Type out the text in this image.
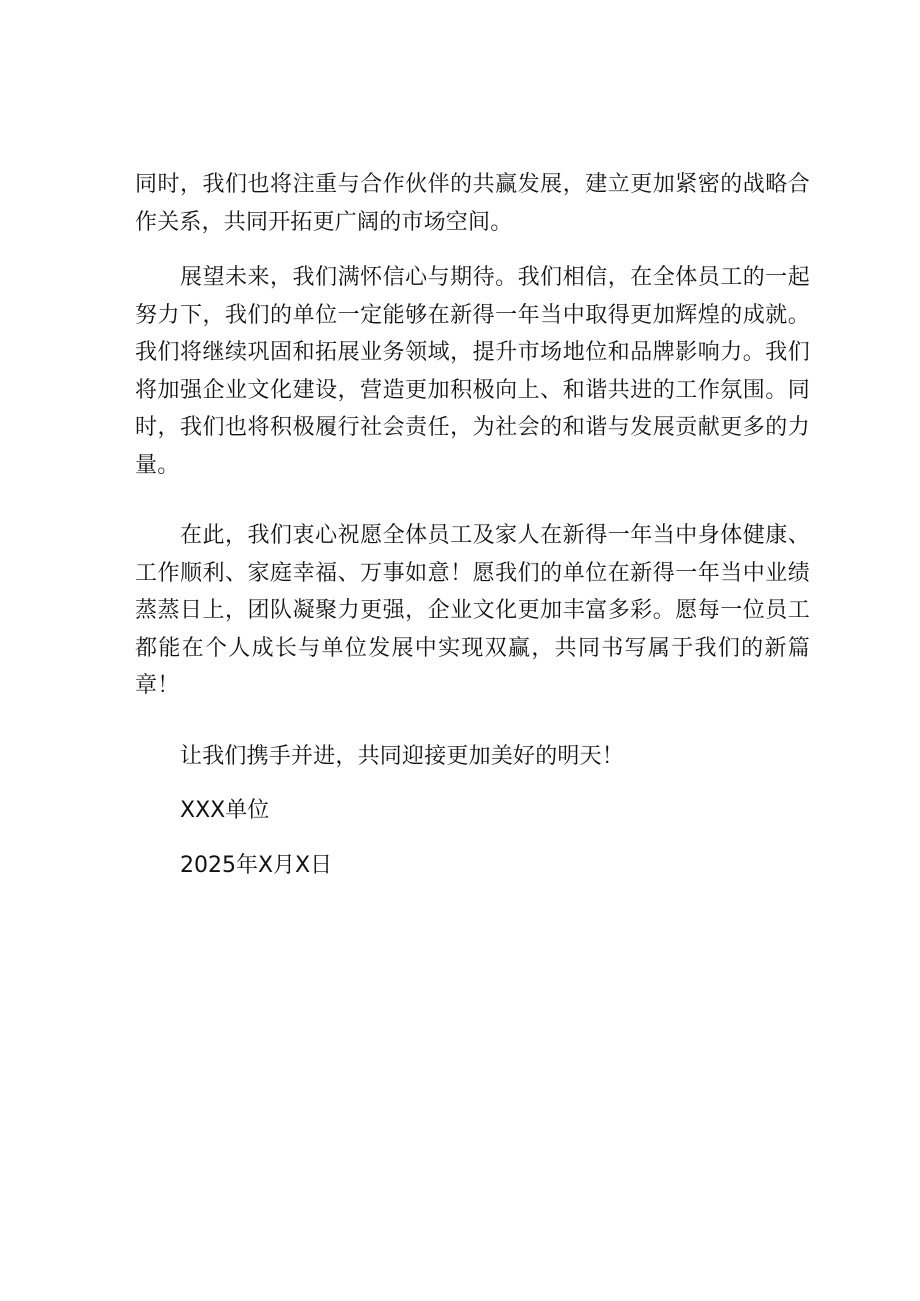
同时，我们也将注重与合作伙伴的共赢发展，建立更加紧密的战略合作关系，共同开拓更广阔的市场空间。

展望未来，我们满怀信心与期待。我们相信，在全体员工的一起努力下，我们的单位一定能够在新得一年当中取得更加辉煌的成就。我们将继续巩固和拓展业务领域，提升市场地位和品牌影响力。我们将加强企业文化建设，营造更加积极向上、和谐共进的工作氛围。同时，我们也将积极履行社会责任，为社会的和谐与发展贡献更多的力量。

在此，我们衷心祝愿全体员工及家人在新得一年当中身体健康、工作顺利、家庭幸福、万事如意！愿我们的单位在新得一年当中业绩蒸蒸日上，团队凝聚力更强，企业文化更加丰富多彩。愿每一位员工都能在个人成长与单位发展中实现双赢，共同书写属于我们的新篇章！

让我们携手并进，共同迎接更加美好的明天！

XXX单位

2025年X月X日
